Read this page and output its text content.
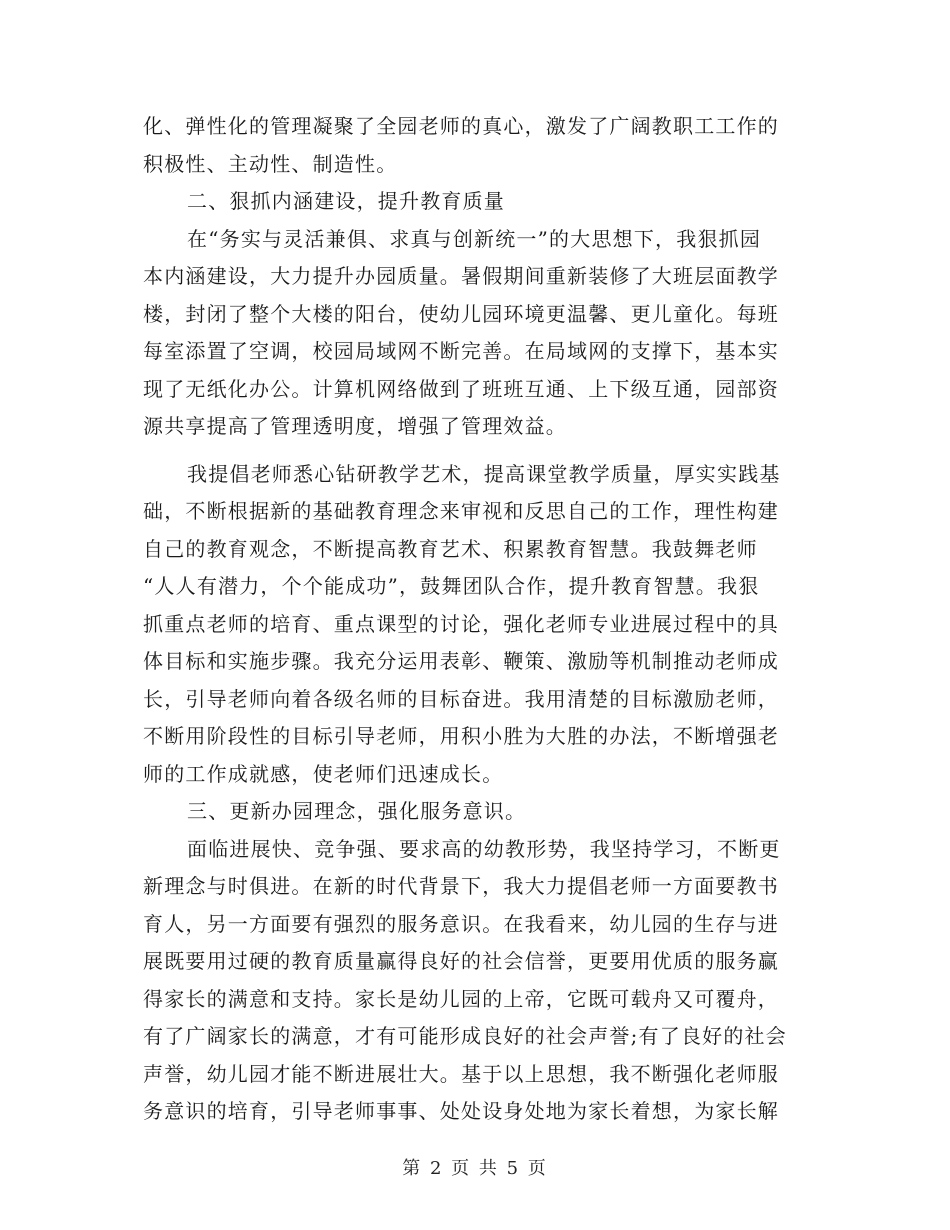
化、弹性化的管理凝聚了全园老师的真心，激发了广阔教职工工作的
积极性、主动性、制造性。
二、狠抓内涵建设，提升教育质量
在“务实与灵活兼俱、求真与创新统一”的大思想下，我狠抓园
本内涵建设，大力提升办园质量。暑假期间重新装修了大班层面教学
楼，封闭了整个大楼的阳台，使幼儿园环境更温馨、更儿童化。每班
每室添置了空调，校园局域网不断完善。在局域网的支撑下，基本实
现了无纸化办公。计算机网络做到了班班互通、上下级互通，园部资
源共享提高了管理透明度，增强了管理效益。
我提倡老师悉心钻研教学艺术，提高课堂教学质量，厚实实践基
础，不断根据新的基础教育理念来审视和反思自己的工作，理性构建
自己的教育观念，不断提高教育艺术、积累教育智慧。我鼓舞老师
“人人有潜力，个个能成功”，鼓舞团队合作，提升教育智慧。我狠
抓重点老师的培育、重点课型的讨论，强化老师专业进展过程中的具
体目标和实施步骤。我充分运用表彰、鞭策、激励等机制推动老师成
长，引导老师向着各级名师的目标奋进。我用清楚的目标激励老师，
不断用阶段性的目标引导老师，用积小胜为大胜的办法，不断增强老
师的工作成就感，使老师们迅速成长。
三、更新办园理念，强化服务意识。
面临进展快、竞争强、要求高的幼教形势，我坚持学习，不断更
新理念与时俱进。在新的时代背景下，我大力提倡老师一方面要教书
育人，另一方面要有强烈的服务意识。在我看来，幼儿园的生存与进
展既要用过硬的教育质量赢得良好的社会信誉，更要用优质的服务赢
得家长的满意和支持。家长是幼儿园的上帝，它既可载舟又可覆舟，
有了广阔家长的满意，才有可能形成良好的社会声誉;有了良好的社会
声誉，幼儿园才能不断进展壮大。基于以上思想，我不断强化老师服
务意识的培育，引导老师事事、处处设身处地为家长着想，为家长解
第 2 页 共 5 页
